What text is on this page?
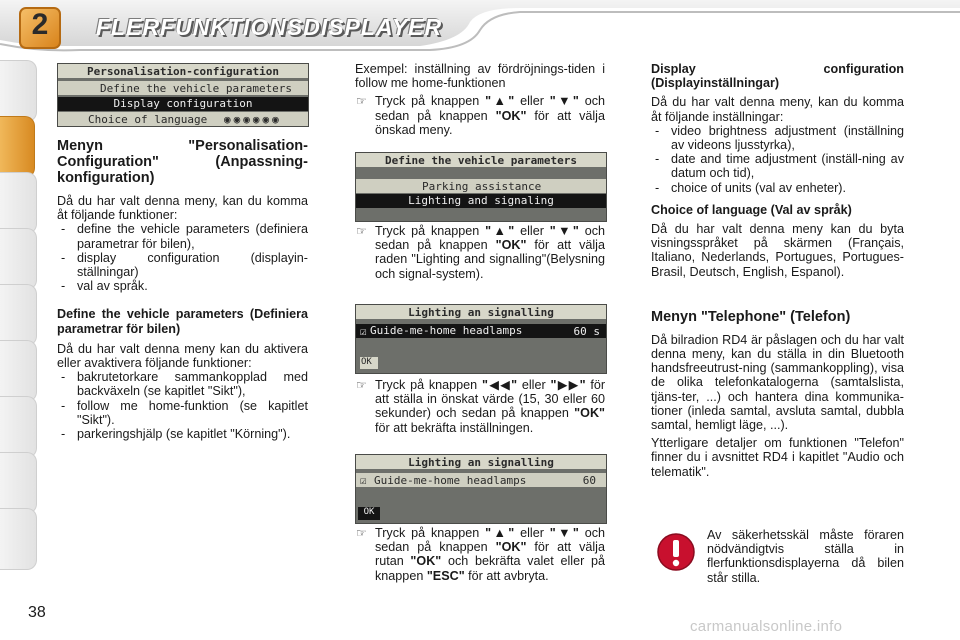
2	FLERFUNKTIONSDISPLAYER
Personalisation-configuration
Define the vehicle parameters
Display configuration
Choice of language ◉◉◉◉◉◉

Menyn "Personalisation-Configuration" (Anpassning-konfiguration)

Då du har valt denna meny, kan du komma åt följande funktioner:

- define the vehicle parameters (definiera parametrar för bilen),
- display configuration (displayin-ställningar)
- val av språk.

Define the vehicle parameters (Definiera parametrar för bilen)

Då du har valt denna meny kan du aktivera eller avaktivera följande funktioner:

- bakrutetorkare sammankopplad med backväxeln (se kapitlet "Sikt"),
- follow me home-funktion (se kapitlet "Sikt").
- parkeringshjälp (se kapitlet "Körning").

Exempel: inställning av fördröjnings-tiden i follow me home-funktionen

☞ Tryck på knappen "▲" eller "▼" och sedan på knappen "OK" för att välja önskad meny.

Define the vehicle parameters
Parking assistance
Lighting and signaling

☞ Tryck på knappen "▲" eller "▼" och sedan på knappen "OK" för att välja raden "Lighting and signalling"(Belysning och signal-system).

Lighting an signalling
Guide-me-home headlamps
☑	60 s
OK

☞ Tryck på knappen "◀◀" eller "▶▶" för att ställa in önskat värde (15, 30 eller 60 sekunder) och sedan på knappen "OK" för att bekräfta inställningen.

Lighting an signalling
☑ Guide-me-home headlamps	60
OK

☞ Tryck på knappen "▲" eller "▼" och sedan på knappen "OK" för att välja rutan "OK" och bekräfta valet eller på knappen "ESC" för att avbryta.

Display configuration (Displayinställningar)

Då du har valt denna meny, kan du komma åt följande inställningar:

- video brightness adjustment (inställning av videons ljusstyrka),
- date and time adjustment (inställ-ning av datum och tid),
- choice of units (val av enheter).

Choice of language (Val av språk)

Då du har valt denna meny kan du byta visningsspråket på skärmen (Français, Italiano, Nederlands, Portugues, Portugues-Brasil, Deutsch, English, Espanol).

Menyn "Telephone" (Telefon)

Då bilradion RD4 är påslagen och du har valt denna meny, kan du ställa in din Bluetooth handsfreeutrust-ning (sammankoppling), visa de olika telefonkatalogerna (samtalslista, tjäns-ter, ...) och hantera dina kommunika-tioner (inleda samtal, avsluta samtal, dubbla samtal, hemligt läge, ...).

Ytterligare detaljer om funktionen "Telefon" finner du i avsnittet RD4 i kapitlet "Audio och telematik".

Av säkerhetsskäl måste föraren nödvändigtvis ställa in flerfunktionsdisplayerna då bilen står stilla.
38
carmanualsonline.info
